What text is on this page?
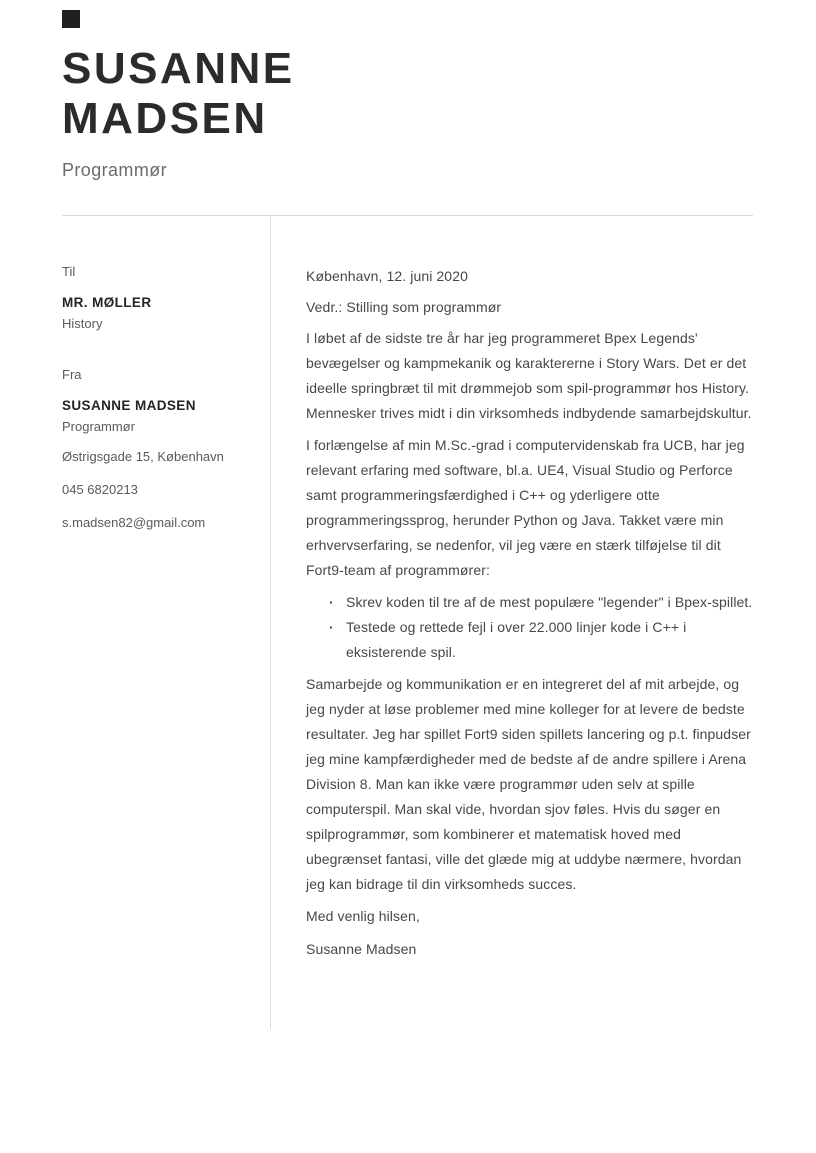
SUSANNE
MADSEN
Programmør
Til
MR. MØLLER
History
Fra
SUSANNE MADSEN
Programmør
Østrigsgade 15, København
045 6820213
s.madsen82@gmail.com

København, 12. juni 2020

Vedr.: Stilling som programmør

I løbet af de sidste tre år har jeg programmeret Bpex Legends' bevægelser og kampmekanik og karaktererne i Story Wars. Det er det ideelle springbræt til mit drømmejob som spil-programmør hos History. Mennesker trives midt i din virksomheds indbydende samarbejdskultur.

I forlængelse af min M.Sc.-grad i computervidenskab fra UCB, har jeg relevant erfaring med software, bl.a. UE4, Visual Studio og Perforce samt programmeringsfærdighed i C++ og yderligere otte programmeringssprog, herunder Python og Java. Takket være min erhvervserfaring, se nedenfor, vil jeg være en stærk tilføjelse til dit Fort9-team af programmører:

· Skrev koden til tre af de mest populære "legender" i Bpex-spillet.
· Testede og rettede fejl i over 22.000 linjer kode i C++ i eksisterende spil.

Samarbejde og kommunikation er en integreret del af mit arbejde, og jeg nyder at løse problemer med mine kolleger for at levere de bedste resultater. Jeg har spillet Fort9 siden spillets lancering og p.t. finpudser jeg mine kampfærdigheder med de bedste af de andre spillere i Arena Division 8. Man kan ikke være programmør uden selv at spille computerspil. Man skal vide, hvordan sjov føles. Hvis du søger en spilprogrammør, som kombinerer et matematisk hoved med ubegrænset fantasi, ville det glæde mig at uddybe nærmere, hvordan jeg kan bidrage til din virksomheds succes.

Med venlig hilsen,

Susanne Madsen
